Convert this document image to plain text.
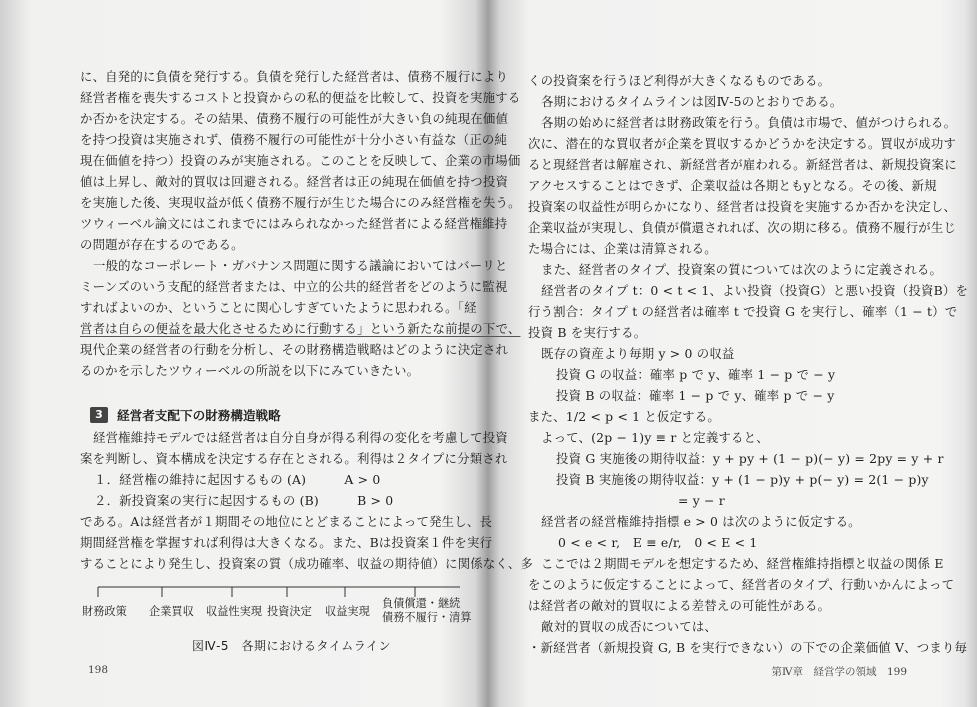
に、自発的に負債を発行する。負債を発行した経営者は、債務不履行により
経営者権を喪失するコストと投資からの私的便益を比較して、投資を実施する
か否かを決定する。その結果、債務不履行の可能性が大きい負の純現在価値
を持つ投資は実施されず、債務不履行の可能性が十分小さい有益な（正の純
現在価値を持つ）投資のみが実施される。このことを反映して、企業の市場価
値は上昇し、敵対的買収は回避される。経営者は正の純現在価値を持つ投資
を実施した後、実現収益が低く債務不履行が生じた場合にのみ経営権を失う。
ツウィーベル論文にはこれまでにはみられなかった経営者による経営権維持
の問題が存在するのである。
一般的なコーポレート・ガバナンス問題に関する議論においてはバーリと
ミーンズのいう支配的経営者または、中立的公共的経営者をどのように監視
すればよいのか、ということに関心しすぎていたように思われる。「経
営者は自らの便益を最大化させるために行動する」という新たな前提の下で、
現代企業の経営者の行動を分析し、その財務構造戦略はどのように決定され
るのかを示したツウィーベルの所説を以下にみていきたい。
3	経営者支配下の財務構造戦略
経営権維持モデルでは経営者は自分自身が得る利得の変化を考慮して投資
案を判断し、資本構成を決定する存在とされる。利得は２タイプに分類され
１．経営権の維持に起因するもの (A)	A > 0
２．新投資案の実行に起因するもの (B)	B > 0
である。Aは経営者が１期間その地位にとどまることによって発生し、長
期間経営権を掌握すれば利得は大きくなる。また、Bは投資案１件を実行
することにより発生し、投資案の質（成功確率、収益の期待値）に関係なく、多
財務政策 企業買収 収益性実現 投資決定 収益実現
負債償還・継続
債務不履行・清算
図Ⅳ-5　各期におけるタイムライン
198
くの投資案を行うほど利得が大きくなるものである。
各期におけるタイムラインは図Ⅳ-5のとおりである。
各期の始めに経営者は財務政策を行う。負債は市場で、値がつけられる。
次に、潜在的な買収者が企業を買収するかどうかを決定する。買収が成功す
ると現経営者は解雇され、新経営者が雇われる。新経営者は、新規投資案に
アクセスすることはできず、企業収益は各期ともyとなる。その後、新規
投資案の収益性が明らかになり、経営者は投資を実施するか否かを決定し、
企業収益が実現し、負債が償還されれば、次の期に移る。債務不履行が生じ
た場合には、企業は清算される。
また、経営者のタイプ、投資案の質については次のように定義される。
経営者のタイプ t：0 < t < 1、よい投資（投資G）と悪い投資（投資B）を
行う割合：タイプ t の経営者は確率 t で投資 G を実行し、確率（1 − t）で
投資 B を実行する。
既存の資産より毎期 y > 0 の収益
投資 G の収益：確率 p で y、確率 1 − p で − y
投資 B の収益：確率 1 − p で y、確率 p で − y
また、1/2 < p < 1 と仮定する。
よって、(2p − 1)y ≡ r と定義すると、
投資 G 実施後の期待収益：y + py + (1 − p)(− y) = 2py = y + r
投資 B 実施後の期待収益：y + (1 − p)y + p(− y) = 2(1 − p)y
= y − r
経営者の経営権維持指標 e > 0 は次のように仮定する。
0 < e < r,　E ≡ e/r,　0 < E < 1
ここでは２期間モデルを想定するため、経営権維持指標と収益の関係 E
をこのように仮定することによって、経営者のタイプ、行動いかんによって
は経営者の敵対的買収による差替えの可能性がある。
敵対的買収の成否については、
・新経営者（新規投資 G, B を実行できない）の下での企業価値 V、つまり毎
第Ⅳ章　経営学の領域　199
